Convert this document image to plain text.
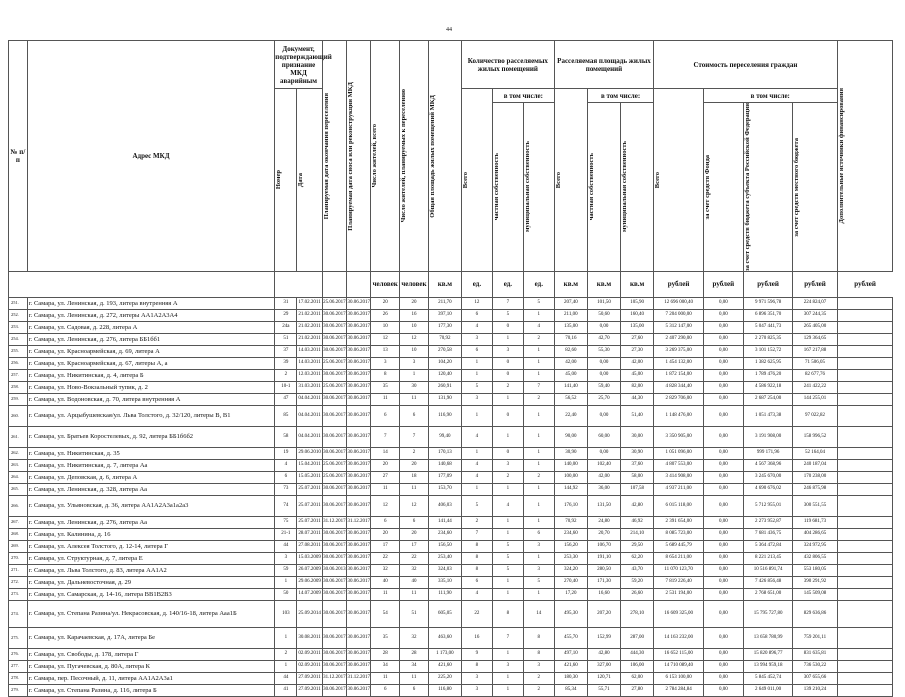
44
№ п/п	Адрес МКД	Документ, подтверждающий признание МКД аварийным		Планируемая дата окончания переселения	Планируемая дата сноса или реконструкции МКД	Число жителей, всего	Число жителей, планируемых к переселению	Общая площадь жилых помещений МКД	Количество расселяемых жилых помещений			Расселяемая площадь жилых помещений			Стоимость переселения граждан				Дополнительные источники финансирования

		Номер	Дата						Всего	в том числе:		Всего	в том числе:		Всего	в том числе:			

										частная собственность	муниципальная собственность		частная собственность	муниципальная собственность		за счет средств Фонда	за счет средств бюджета субъекта Российской Федерации	за счет средств местного бюджета	

						человек	человек	кв.м	ед.	ед.	ед.	кв.м	кв.м	кв.м	рублей	рублей	рублей	рублей	рублей
251.	г. Самара, ул. Ленинская, д. 193, литера внутренняя А	31	17.02.2011	25.06.2017	30.06.2017	20	20	211,70	12	7	5	207,40	101,50	105,90	12 696 000,40	0,00	9 971 596,78	224 824,07	
252.	г. Самара, ул. Ленинская, д. 272, литеры АА1А2А3А4	29	21.02.2011	30.06.2017	30.06.2017	26	16	397,10	6	5	1	211,00	50,60	160,40	7 204 000,00	0,00	6 896 351,70	307 244,35	
253.	г. Самара, ул. Садовая, д. 228, литера А	24a	21.02.2011	30.06.2017	30.06.2017	10	10	177,30	4	0	4	135,00	0,00	135,00	5 312 147,00	0,00	5 047 441,73	265 405,00	
254.	г. Самара, ул. Ленинская, д. 276, литера ББ1бб1	51	21.02.2011	30.06.2017	30.06.2017	12	12	70,92	3	1	2	70,16	42,70	27,60	2 407 290,00	0,00	2 270 825,35	129 364,65	
255.	г. Самара, ул. Красноармейская, д. 69, литера А	37	14.03.2011	30.06.2017	30.06.2017	13	10	270,58	6	3	1	82,60	55,30	27,30	3 269 375,00	0,00	3 101 152,72	167 217,88	
256.	г. Самара, ул. Красноармейская, д. 67, литеры А, а	39	14.03.2011	25.06.2017	30.06.2017	3	3	104,20	1	0	1	42,00	0,00	42,00	1 454 132,00	0,00	1 382 625,95	71 506,05	
257.	г. Самара, ул. Никитинская, д. 4, литера Б	2	12.03.2011	30.06.2017	30.06.2017	8	1	120,40	1	0	1	45,00	0,00	45,00	1 872 154,00	0,00	1 789 476,20	82 677,76	
258.	г. Самара, ул. Ново-Вокзальный тупик, д. 2	10-1	31.03.2011	25.06.2017	30.06.2017	35	30	260,91	5	2	7	141,40	59,40	82,00	4 828 344,40	0,00	4 586 922,18	241 422,22	
259.	г. Самара, ул. Водоновская, д. 70, литера внутренняя А	47	04.04.2011	30.06.2017	30.06.2017	11	11	131,90	3	1	2	56,52	25,70	44,30	2 829 706,00	0,00	2 687 254,00	144 255,01	
260.	г. Самара, ул. Арцыбушевская/ул. Льва Толстого, д. 32/120, литеры В, В1	85	04.04.2011	30.06.2017	30.06.2017	6	6	116,90	1	0	1	22,40	0,00	51,40	1 148 476,00	0,00	1 051 473,38	97 022,82	
261.	г. Самара, ул. Братьев Коростелевых, д. 92, литера ББ1б6б2	58	04.04.2011	30.06.2017	30.06.2017	7	7	99,40	4	1	1	90,00	60,00	30,00	3 350 905,00	0,00	3 191 908,00	158 996,52	
262.	г. Самара, ул. Никитинская, д. 35	19	29.06.2010	30.06.2017	30.06.2017	14	2	170,13	1	0	1	30,90	0,00	30,90	1 051 096,00	0,00	999 171,96	52 164,04	
263.	г. Самара, ул. Никитинская, д. 7, литера Аа	4	15.04.2011	25.06.2017	30.06.2017	20	20	140,68	4	3	1	140,00	102,40	37,60	4 807 553,00	0,00	4 567 368,96	240 187,04	
264.	г. Самара, ул. Деповская, д. 6, литера А	6	15.05.2011	25.06.2017	30.06.2017	27	18	177,09	4	2	2	100,00	42,00	58,00	3 414 908,00	0,00	3 245 670,00	170 238,00	
265.	г. Самара, ул. Ленинская, д. 328, литера Аа	73	25.07.2011	30.06.2017	30.06.2017	11	11	153,70	1	1	1	144,92	36,00	107,58	4 937 211,00	0,00	4 690 676,02	246 875,98	
266.	г. Самара, ул. Ульяновская, д. 36, литера АА1А2А3а1а2а3	74	25.07.2011	30.06.2017	30.06.2017	12	12	406,03	5	4	1	176,10	131,50	42,80	6 015 118,00	0,00	5 712 955,01	300 551,55	
267.	г. Самара, ул. Ленинская, д. 276, литера Аа	75	25.07.2011	31.12.2017	31.12.2017	6	6	141,44	2	1	1	70,92	24,80	46,92	2 391 654,00	0,00	2 273 952,87	119 681,73	
268.	г. Самара, ул. Калинина, д. 16	21-1	28.07.2011	30.06.2017	30.06.2017	20	20	234,60	7	1	6	234,60	20,70	214,10	8 085 723,00	0,00	7 681 436,75	404 286,65	
269.	г. Самара, ул. Алексея Толстого, д. 12-14, литера Г	44	27.08.2011	30.06.2017	30.06.2017	17	17	156,50	8	5	3	156,20	106,70	29,50	5 689 445,79	0,00	5 364 472,84	324 972,95	
270.	г. Самара, ул. Структурная, д. 7, литера Е	3	15.03.2009	30.06.2017	30.06.2017	22	22	253,40	8	5	1	253,30	191,10	62,20	8 654 211,00	0,00	8 221 213,45	432 806,55	
271.	г. Самара, ул. Льва Толстого, д. 83, литера АА1А2	59	26.07.2009	30.06.2013	30.06.2017	32	32	324,03	8	5	3	324,20	280,50	43,70	11 070 123,70	0,00	10 516 891,74	553 180,05	
272.	г. Самара, ул. Дальневосточная, д. 29	1	29.06.2009	30.06.2017	30.06.2017	40	40	335,10	6	1	5	270,40	171,30	59,20	7 819 226,40	0,00	7 426 856,48	390 291,92	
273.	г. Самара, ул. Самарская, д. 14-16, литера ВВ1В2В3	50	14.07.2009	30.06.2017	30.06.2017	11	11	111,90	4	1	1	17,20	16,60	26,60	2 531 194,00	0,00	2 768 651,00	145 509,08	
274.	г. Самара, ул. Степана Разина/ул. Некрасовская, д. 140/16-18, литера Ааа1Б	103	25.09.2014	30.06.2017	30.06.2017	54	51	605,05	22	8	14	495,30	207,20	278,10	16 609 325,00	0,00	15 795 727,80	829 636,86	
275.	г. Самара, ул. Карачаевская, д. 17А, литера Бе	1	30.08.2011	30.06.2017	30.06.2017	35	32	463,60	16	7	8	455,70	152,99	287,00	14 163 232,00	0,00	13 658 780,99	759 201,11	
276.	г. Самара, ул. Свободы, д. 178, литера Г	2	02.09.2011	30.06.2017	30.06.2017	28	28	1 173,00	9	1	8	497,10	42,80	444,30	16 652 115,00	0,00	15 820 896,77	831 635,81	
277.	г. Самара, ул. Пугачевская, д. 80А, литера К	1	02.09.2011	30.06.2017	30.06.2017	34	34	421,60	8	3	3	421,60	327,00	106,00	14 710 089,40	0,00	13 994 959,18	736 530,22	
278.	г. Самара, пер. Песочный, д. 11, литера АА1А2А3а1	44	27.09.2011	31.12.2017	31.12.2017	11	11	225,20	3	1	2	180,30	120,71	62,00	6 153 100,00	0,00	5 845 452,74	307 655,66	
279.	г. Самара, ул. Степана Разина, д. 116, литера Б	41	27.09.2011	30.06.2017	30.06.2017	6	6	116,80	3	1	2	85,34	55,71	27,80	2 784 284,84	0,00	2 649 011,00	139 210,24	
